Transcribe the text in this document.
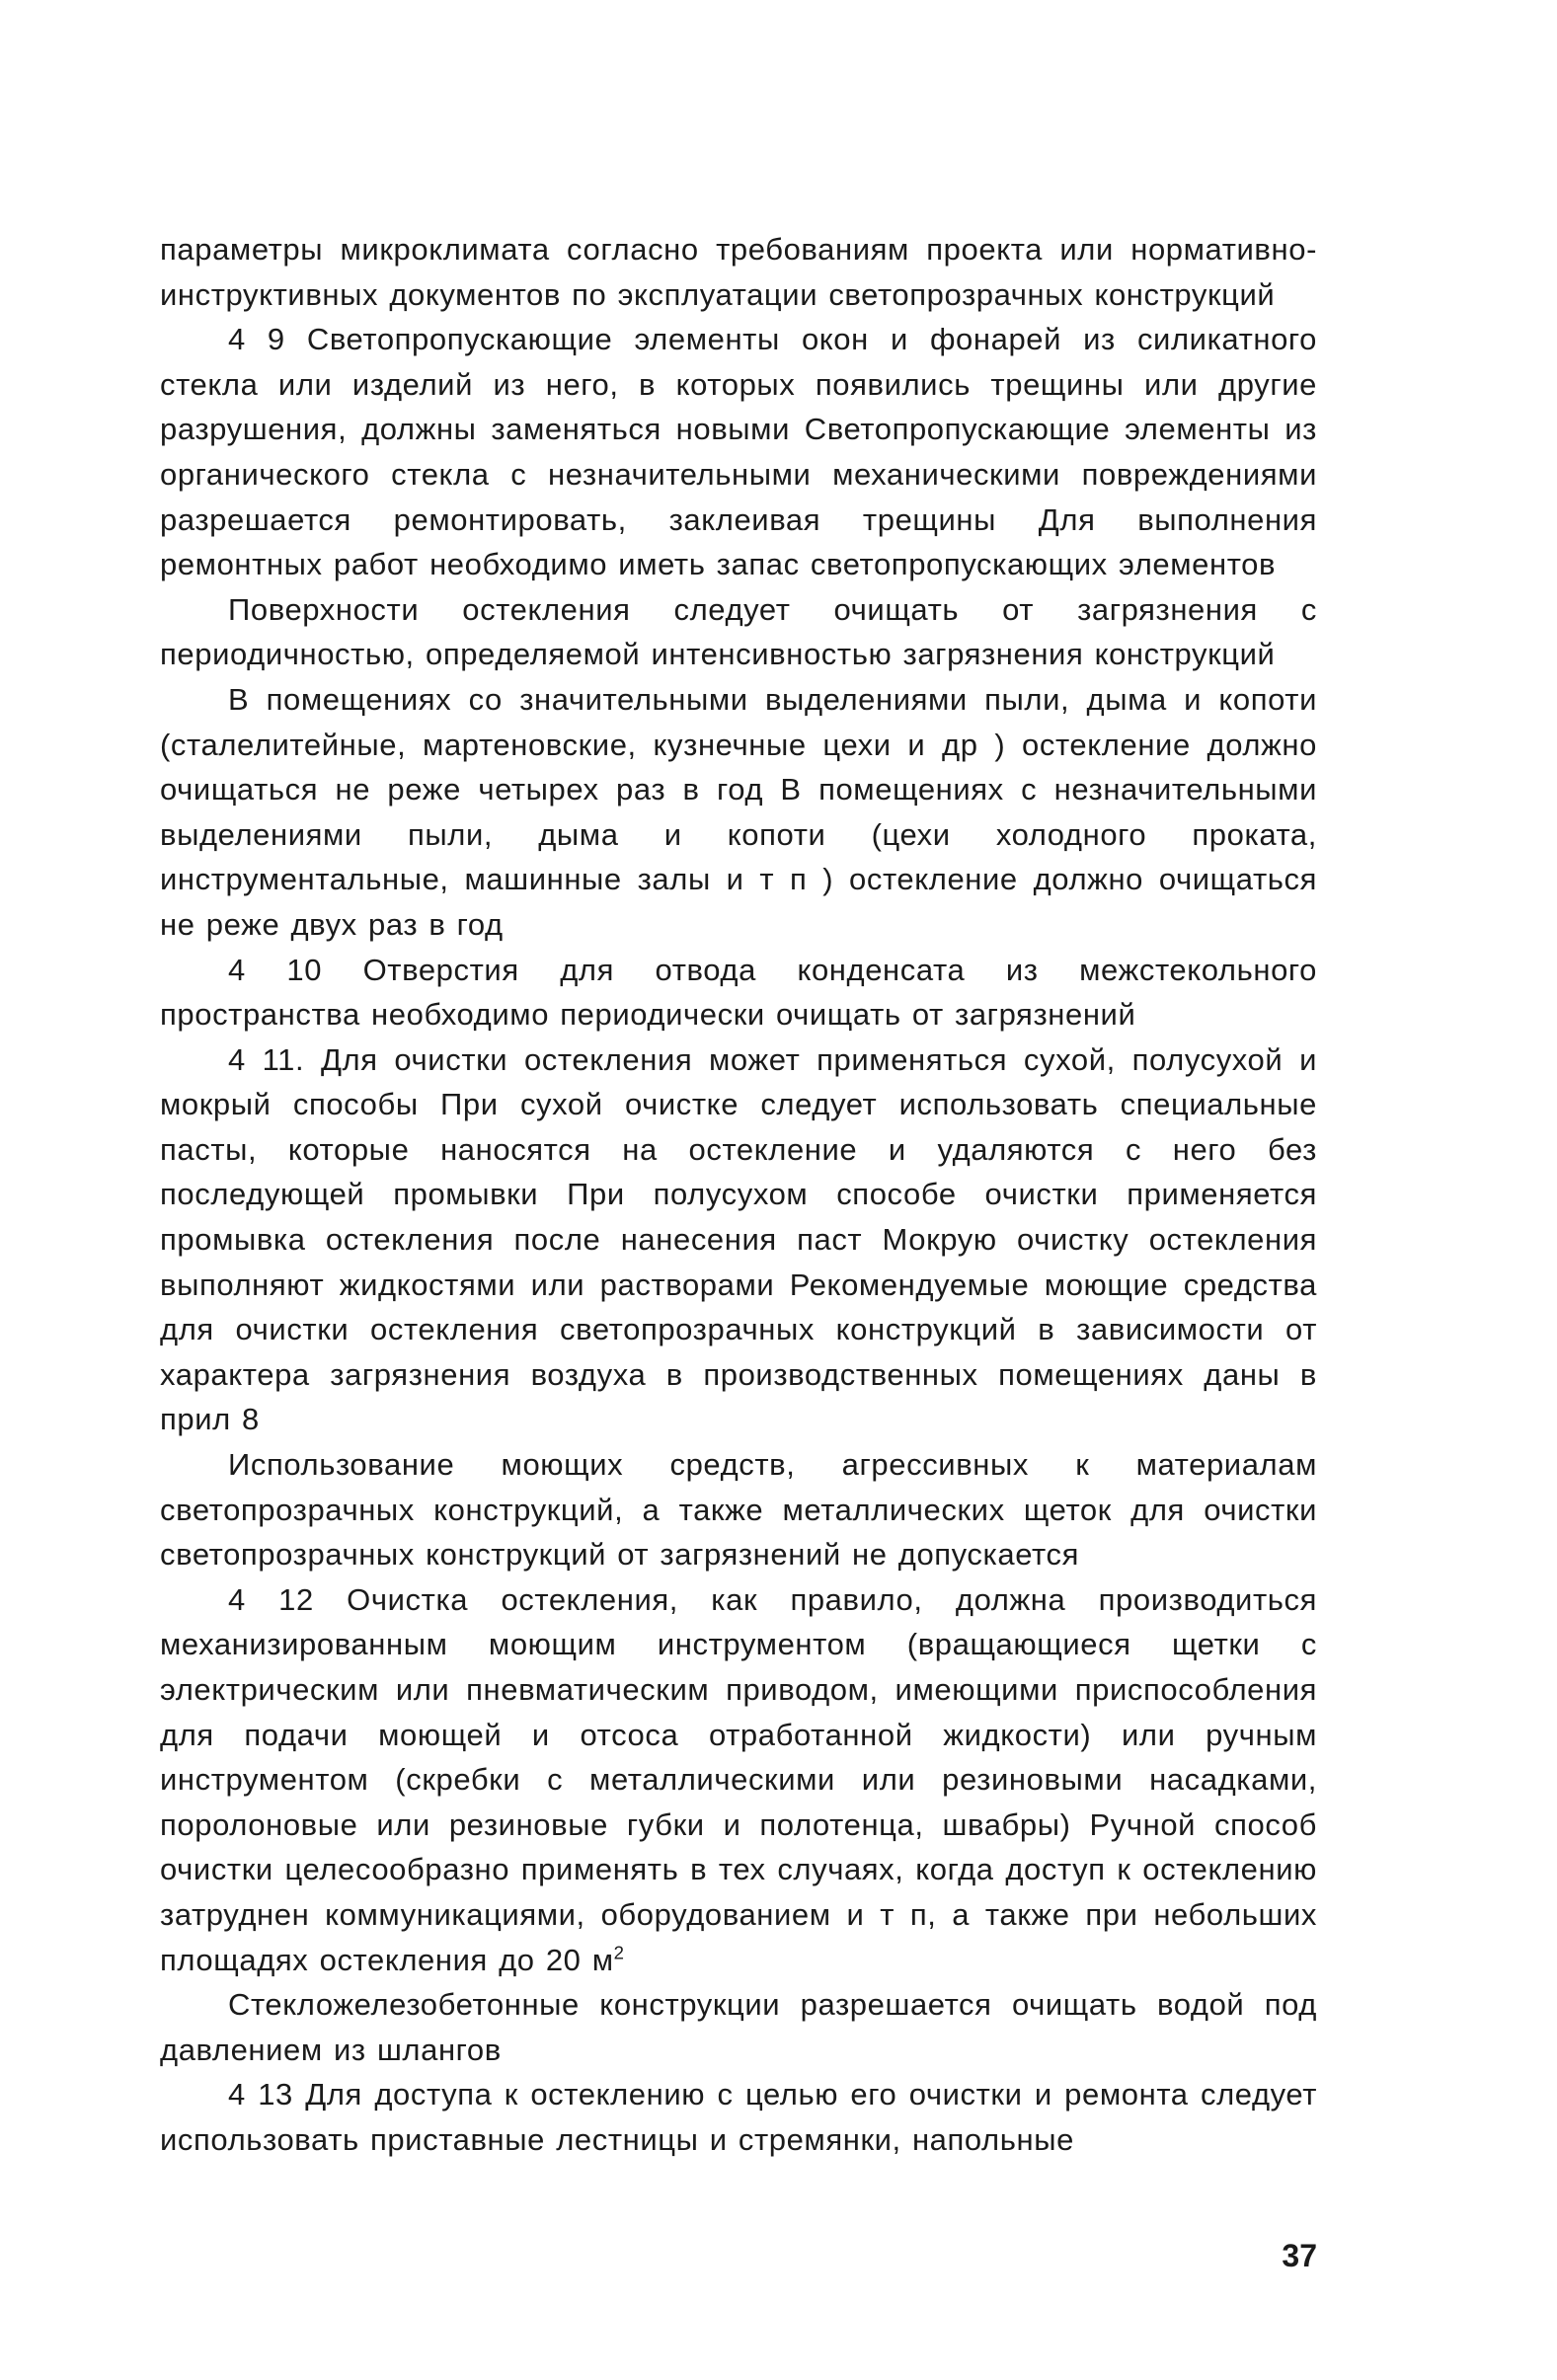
параметры микроклимата согласно требованиям проекта или нормативно-инструктивных документов по эксплуатации светопрозрачных конструкций

4 9 Светопропускающие элементы окон и фонарей из силикатного стекла или изделий из него, в которых появились трещины или другие разрушения, должны заменяться новыми Светопропускающие элементы из органического стекла с незначительными механическими повреждениями разрешается ремонтировать, заклеивая трещины Для выполнения ремонтных работ необходимо иметь запас светопропускающих элементов

Поверхности остекления следует очищать от загрязнения с периодичностью, определяемой интенсивностью загрязнения конструкций

В помещениях со значительными выделениями пыли, дыма и копоти (сталелитейные, мартеновские, кузнечные цехи и др ) остекление должно очищаться не реже четырех раз в год В помещениях с незначительными выделениями пыли, дыма и копоти (цехи холодного проката, инструментальные, машинные залы и т п ) остекление должно очищаться не реже двух раз в год

4 10 Отверстия для отвода конденсата из межстекольного пространства необходимо периодически очищать от загрязнений

4 11. Для очистки остекления может применяться сухой, полусухой и мокрый способы При сухой очистке следует использовать специальные пасты, которые наносятся на остекление и удаляются с него без последующей промывки При полусухом способе очистки применяется промывка остекления после нанесения паст Мокрую очистку остекления выполняют жидкостями или растворами Рекомендуемые моющие средства для очистки остекления светопрозрачных конструкций в зависимости от характера загрязнения воздуха в производственных помещениях даны в прил 8

Использование моющих средств, агрессивных к материалам светопрозрачных конструкций, а также металлических щеток для очистки светопрозрачных конструкций от загрязнений не допускается

4 12 Очистка остекления, как правило, должна производиться механизированным моющим инструментом (вращающиеся щетки с электрическим или пневматическим приводом, имеющими приспособления для подачи моющей и отсоса отработанной жидкости) или ручным инструментом (скребки с металлическими или резиновыми насадками, поролоновые или резиновые губки и полотенца, швабры) Ручной способ очистки целесообразно применять в тех случаях, когда доступ к остеклению затруднен коммуникациями, оборудованием и т п, а также при небольших площадях остекления до 20 $м^2$

Стекложелезобетонные конструкции разрешается очищать водой под давлением из шлангов

4 13 Для доступа к остеклению с целью его очистки и ремонта следует использовать приставные лестницы и стремянки, напольные

37
